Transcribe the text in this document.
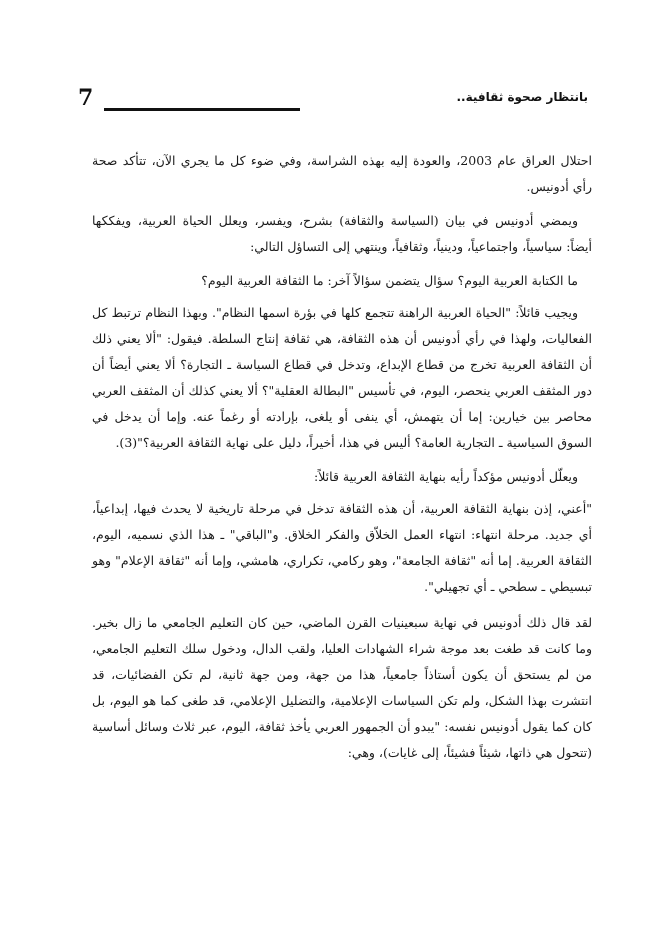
7	بانتظار صحوة ثقافية..

احتلال العراق عام 2003، والعودة إليه بهذه الشراسة، وفي ضوء كل ما يجري الآن، تتأكد صحة رأي أدونيس.

ويمضي أدونيس في بيان (السياسة والثقافة) بشرح، ويفسر، ويعلل الحياة العربية، ويفككها أيضاً: سياسياً، واجتماعياً، ودينياً، وثقافياً، وينتهي إلى التساؤل التالي:

ما الكتابة العربية اليوم؟ سؤال يتضمن سؤالاً آخر: ما الثقافة العربية اليوم؟

ويجيب قائلاً: "الحياة العربية الراهنة تتجمع كلها في بؤرة اسمها النظام". وبهذا النظام ترتبط كل الفعاليات، ولهذا في رأي أدونيس أن هذه الثقافة، هي ثقافة إنتاج السلطة. فيقول: "ألا يعني ذلك أن الثقافة العربية تخرج من قطاع الإبداع، وتدخل في قطاع السياسة ـ التجارة؟ ألا يعني أيضاً أن دور المثقف العربي ينحصر، اليوم، في تأسيس "البطالة العقلية"؟ ألا يعني كذلك أن المثقف العربي محاصر بين خيارين: إما أن يتهمش، أي ينفى أو يلغى، بإرادته أو رغماً عنه. وإما أن يدخل في السوق السياسية ـ التجارية العامة؟ أليس في هذا، أخيراً، دليل على نهاية الثقافة العربية؟"(3).

ويعلّل أدونيس مؤكداً رأيه بنهاية الثقافة العربية قائلاً:

"أعني، إذن بنهاية الثقافة العربية، أن هذه الثقافة تدخل في مرحلة تاريخية لا يحدث فيها، إبداعياً، أي جديد. مرحلة انتهاء: انتهاء العمل الخلاّق والفكر الخلاق. و"الباقي" ـ هذا الذي نسميه، اليوم، الثقافة العربية. إما أنه "ثقافة الجامعة"، وهو ركامي، تكراري، هامشي، وإما أنه "ثقافة الإعلام" وهو تبسيطي ـ سطحي ـ أي تجهيلي".

لقد قال ذلك أدونيس في نهاية سبعينيات القرن الماضي، حين كان التعليم الجامعي ما زال بخير. وما كانت قد طغت بعد موجة شراء الشهادات العليا، ولقب الدال، ودخول سلك التعليم الجامعي، من لم يستحق أن يكون أستاذاً جامعياً، هذا من جهة، ومن جهة ثانية، لم تكن الفضائيات، قد انتشرت بهذا الشكل، ولم تكن السياسات الإعلامية، والتضليل الإعلامي، قد طغى كما هو اليوم، بل كان كما يقول أدونيس نفسه: "يبدو أن الجمهور العربي يأخذ ثقافة، اليوم، عبر ثلاث وسائل أساسية (تتحول هي ذاتها، شيئاً فشيئاً، إلى غايات)، وهي:
